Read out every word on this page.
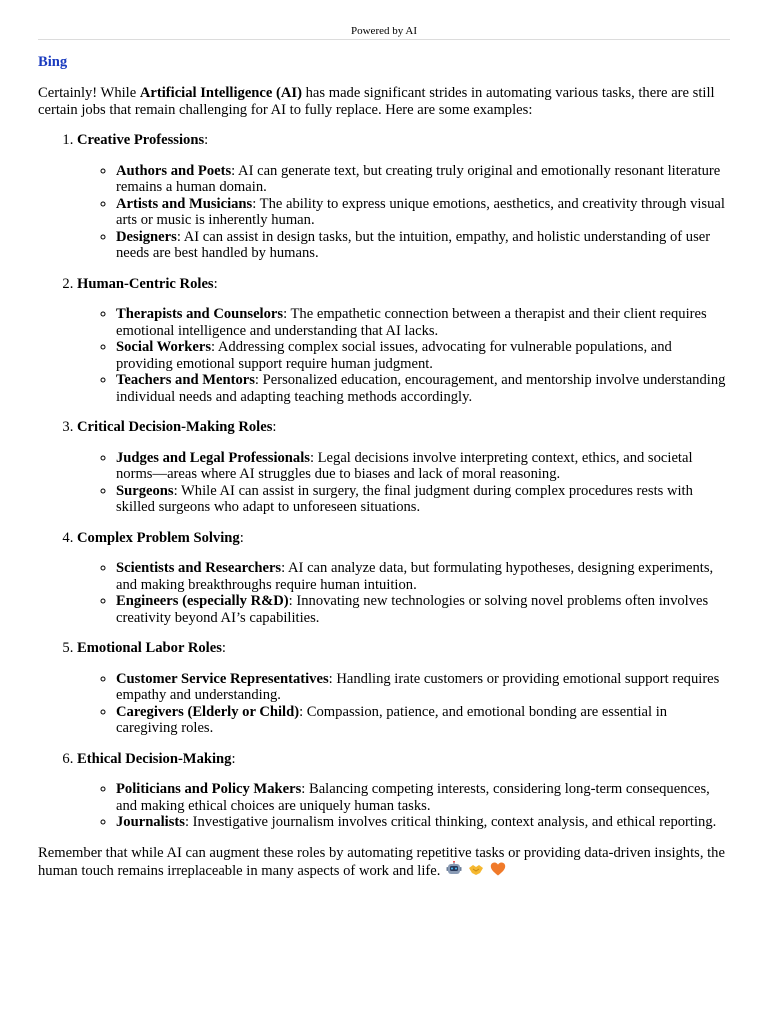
Powered by AI
Bing

Certainly! While Artificial Intelligence (AI) has made significant strides in automating various tasks, there are still certain jobs that remain challenging for AI to fully replace. Here are some examples:

1. Creative Professions:
◦ Authors and Poets: AI can generate text, but creating truly original and emotionally resonant literature remains a human domain.
◦ Artists and Musicians: The ability to express unique emotions, aesthetics, and creativity through visual arts or music is inherently human.
◦ Designers: AI can assist in design tasks, but the intuition, empathy, and holistic understanding of user needs are best handled by humans.
2. Human-Centric Roles:
◦ Therapists and Counselors: The empathetic connection between a therapist and their client requires emotional intelligence and understanding that AI lacks.
◦ Social Workers: Addressing complex social issues, advocating for vulnerable populations, and providing emotional support require human judgment.
◦ Teachers and Mentors: Personalized education, encouragement, and mentorship involve understanding individual needs and adapting teaching methods accordingly.
3. Critical Decision-Making Roles:
◦ Judges and Legal Professionals: Legal decisions involve interpreting context, ethics, and societal norms—areas where AI struggles due to biases and lack of moral reasoning.
◦ Surgeons: While AI can assist in surgery, the final judgment during complex procedures rests with skilled surgeons who adapt to unforeseen situations.
4. Complex Problem Solving:
◦ Scientists and Researchers: AI can analyze data, but formulating hypotheses, designing experiments, and making breakthroughs require human intuition.
◦ Engineers (especially R&D): Innovating new technologies or solving novel problems often involves creativity beyond AI’s capabilities.
5. Emotional Labor Roles:
◦ Customer Service Representatives: Handling irate customers or providing emotional support requires empathy and understanding.
◦ Caregivers (Elderly or Child): Compassion, patience, and emotional bonding are essential in caregiving roles.
6. Ethical Decision-Making:
◦ Politicians and Policy Makers: Balancing competing interests, considering long-term consequences, and making ethical choices are uniquely human tasks.
◦ Journalists: Investigative journalism involves critical thinking, context analysis, and ethical reporting.

Remember that while AI can augment these roles by automating repetitive tasks or providing data-driven insights, the human touch remains irreplaceable in many aspects of work and life.
